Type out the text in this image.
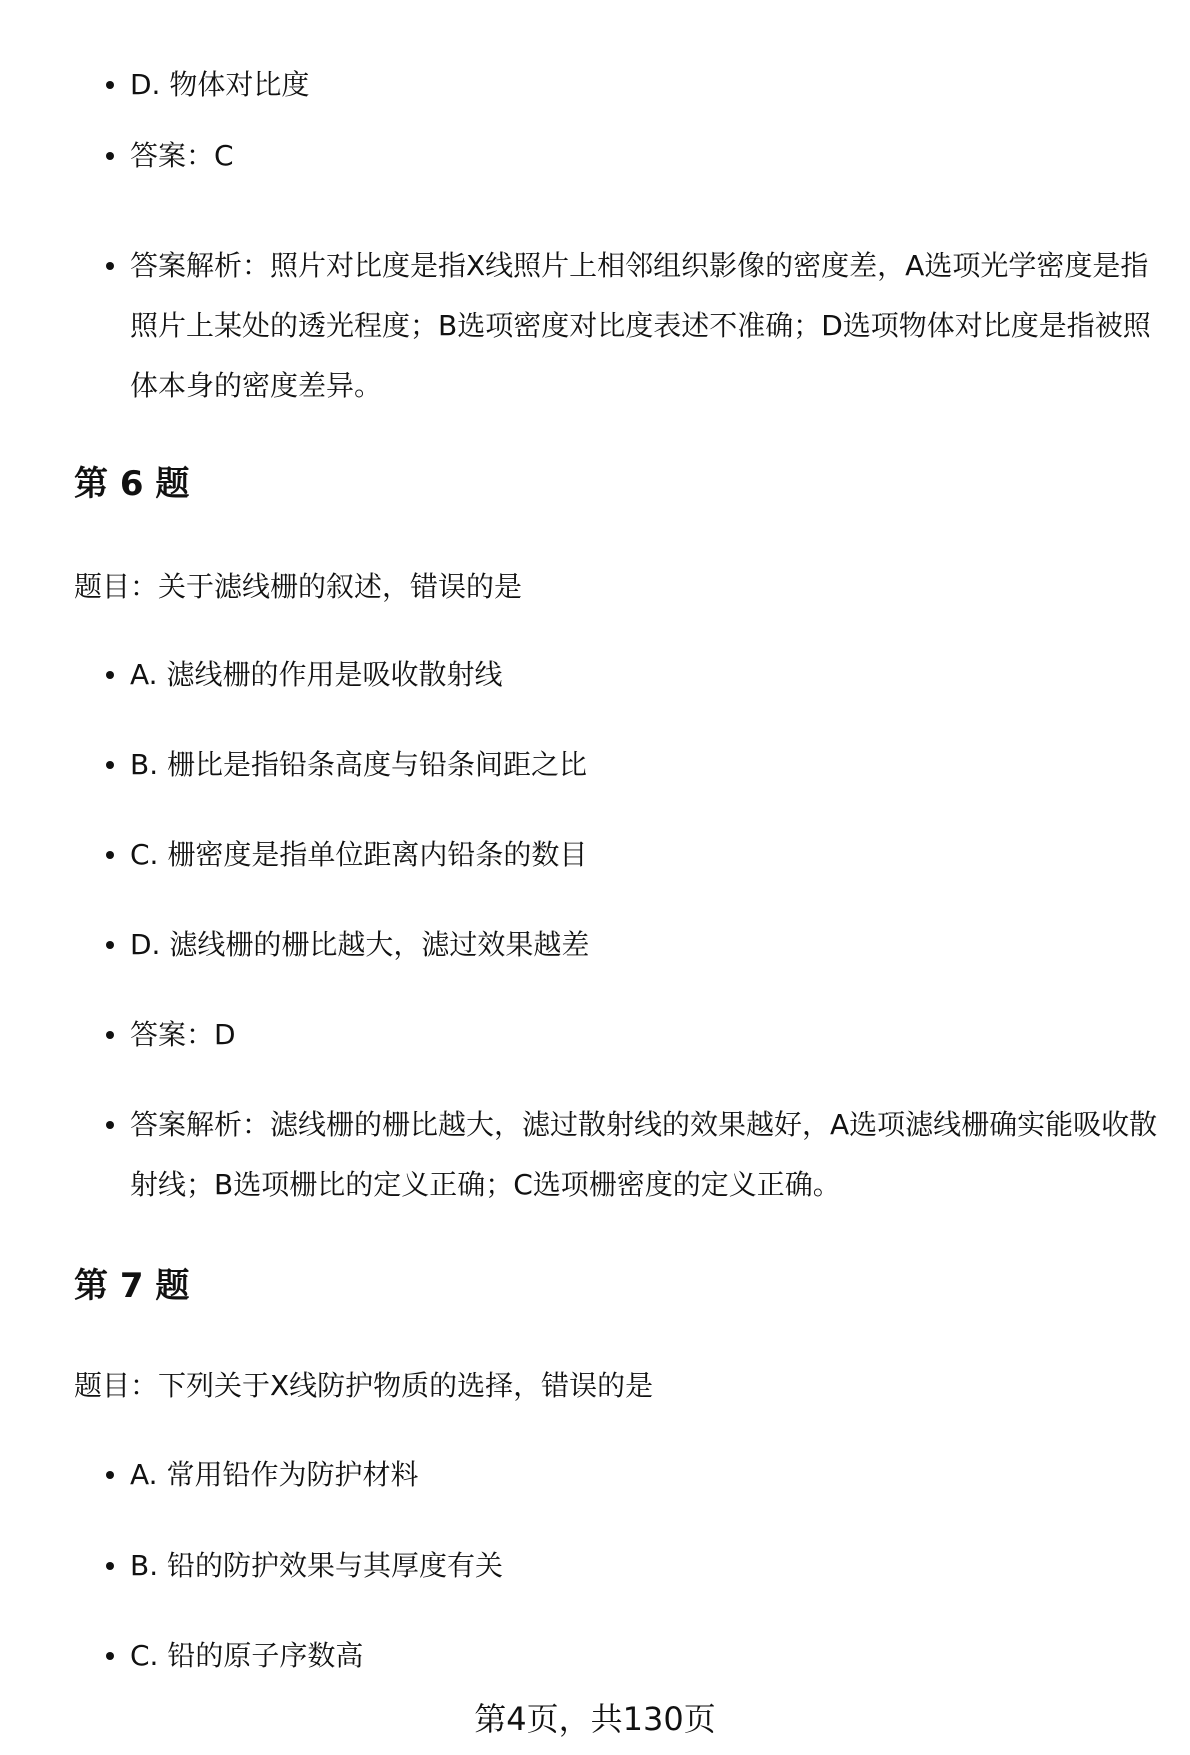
D. 物体对比度
答案：C
答案解析：照片对比度是指X线照片上相邻组织影像的密度差，A选项光学密度是指照片上某处的透光程度；B选项密度对比度表述不准确；D选项物体对比度是指被照体本身的密度差异。
第 6 题
题目：关于滤线栅的叙述，错误的是
A. 滤线栅的作用是吸收散射线
B. 栅比是指铅条高度与铅条间距之比
C. 栅密度是指单位距离内铅条的数目
D. 滤线栅的栅比越大，滤过效果越差
答案：D
答案解析：滤线栅的栅比越大，滤过散射线的效果越好，A选项滤线栅确实能吸收散射线；B选项栅比的定义正确；C选项栅密度的定义正确。
第 7 题
题目：下列关于X线防护物质的选择，错误的是
A. 常用铅作为防护材料
B. 铅的防护效果与其厚度有关
C. 铅的原子序数高
第4页，共130页
